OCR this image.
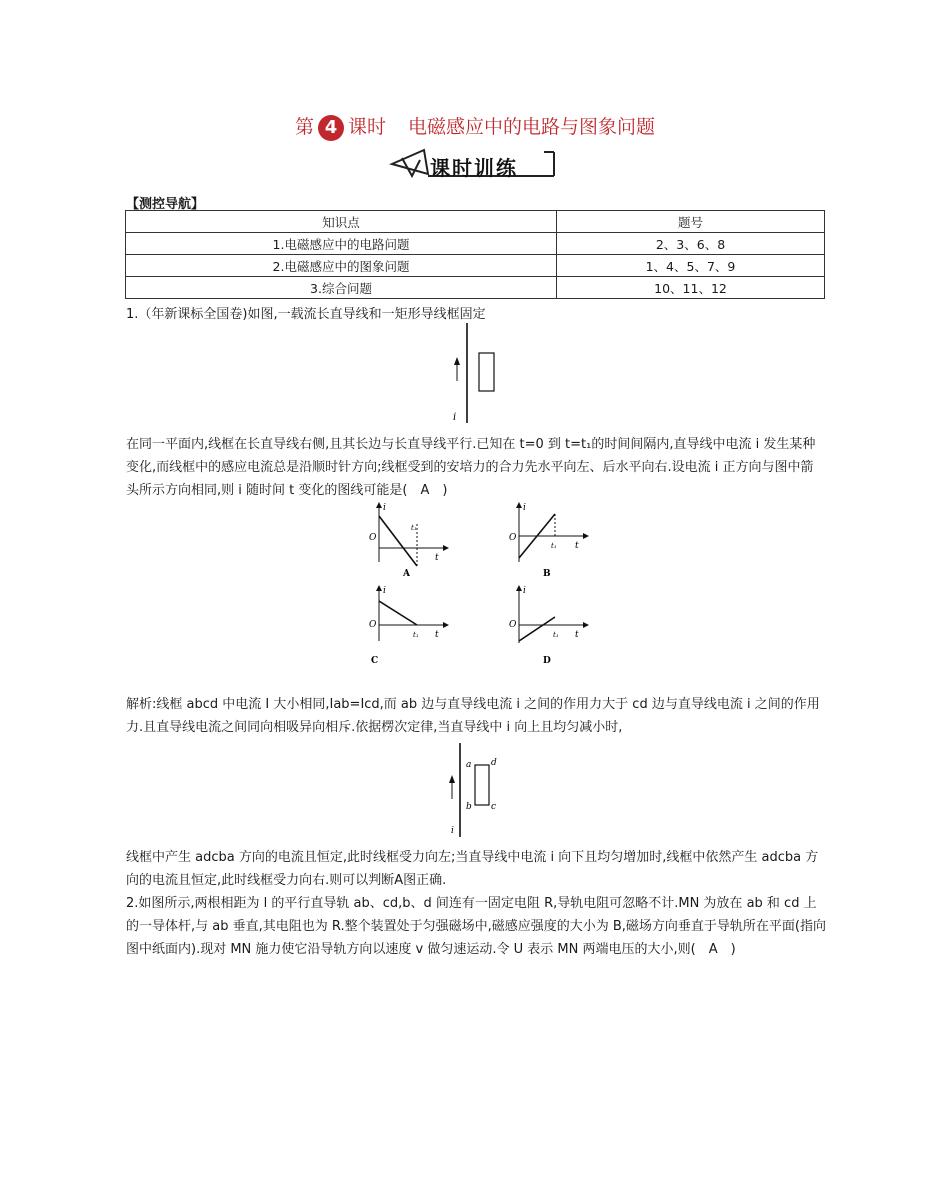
第 4 课时 电磁感应中的电路与图象问题
课时训练
【测控导航】
知识点	题号
1.电磁感应中的电路问题	2、3、6、8
2.电磁感应中的图象问题	1、4、5、7、9
3.综合问题	10、11、12
1.（年新课标全国卷)如图,一载流长直导线和一矩形导线框固定
i
在同一平面内,线框在长直导线右侧,且其长边与长直导线平行.已知在 t=0 到 t=t₁的时间间隔内,直导线中电流 i 发生某种变化,而线框中的感应电流总是沿顺时针方向;线框受到的安培力的合力先水平向左、后水平向右.设电流 i 正方向与图中箭头所示方向相同,则 i 随时间 t 变化的图线可能是(　A　)
i
O
t
t₁
A
i
O
t
t₁
B
i
O
t
t₁
C
i
O
t
t₁
D
解析:线框 abcd 中电流 I 大小相同,Iab=Icd,而 ab 边与直导线电流 i 之间的作用力大于 cd 边与直导线电流 i 之间的作用力.且直导线电流之间同向相吸异向相斥.依据楞次定律,当直导线中 i 向上且均匀减小时,
a d
b c
i
线框中产生 adcba 方向的电流且恒定,此时线框受力向左;当直导线中电流 i 向下且均匀增加时,线框中依然产生 adcba 方向的电流且恒定,此时线框受力向右.则可以判断A图正确.
2.如图所示,两根相距为 l 的平行直导轨 ab、cd,b、d 间连有一固定电阻 R,导轨电阻可忽略不计.MN 为放在 ab 和 cd 上的一导体杆,与 ab 垂直,其电阻也为 R.整个装置处于匀强磁场中,磁感应强度的大小为 B,磁场方向垂直于导轨所在平面(指向图中纸面内).现对 MN 施力使它沿导轨方向以速度 v 做匀速运动.令 U 表示 MN 两端电压的大小,则(　A　)
